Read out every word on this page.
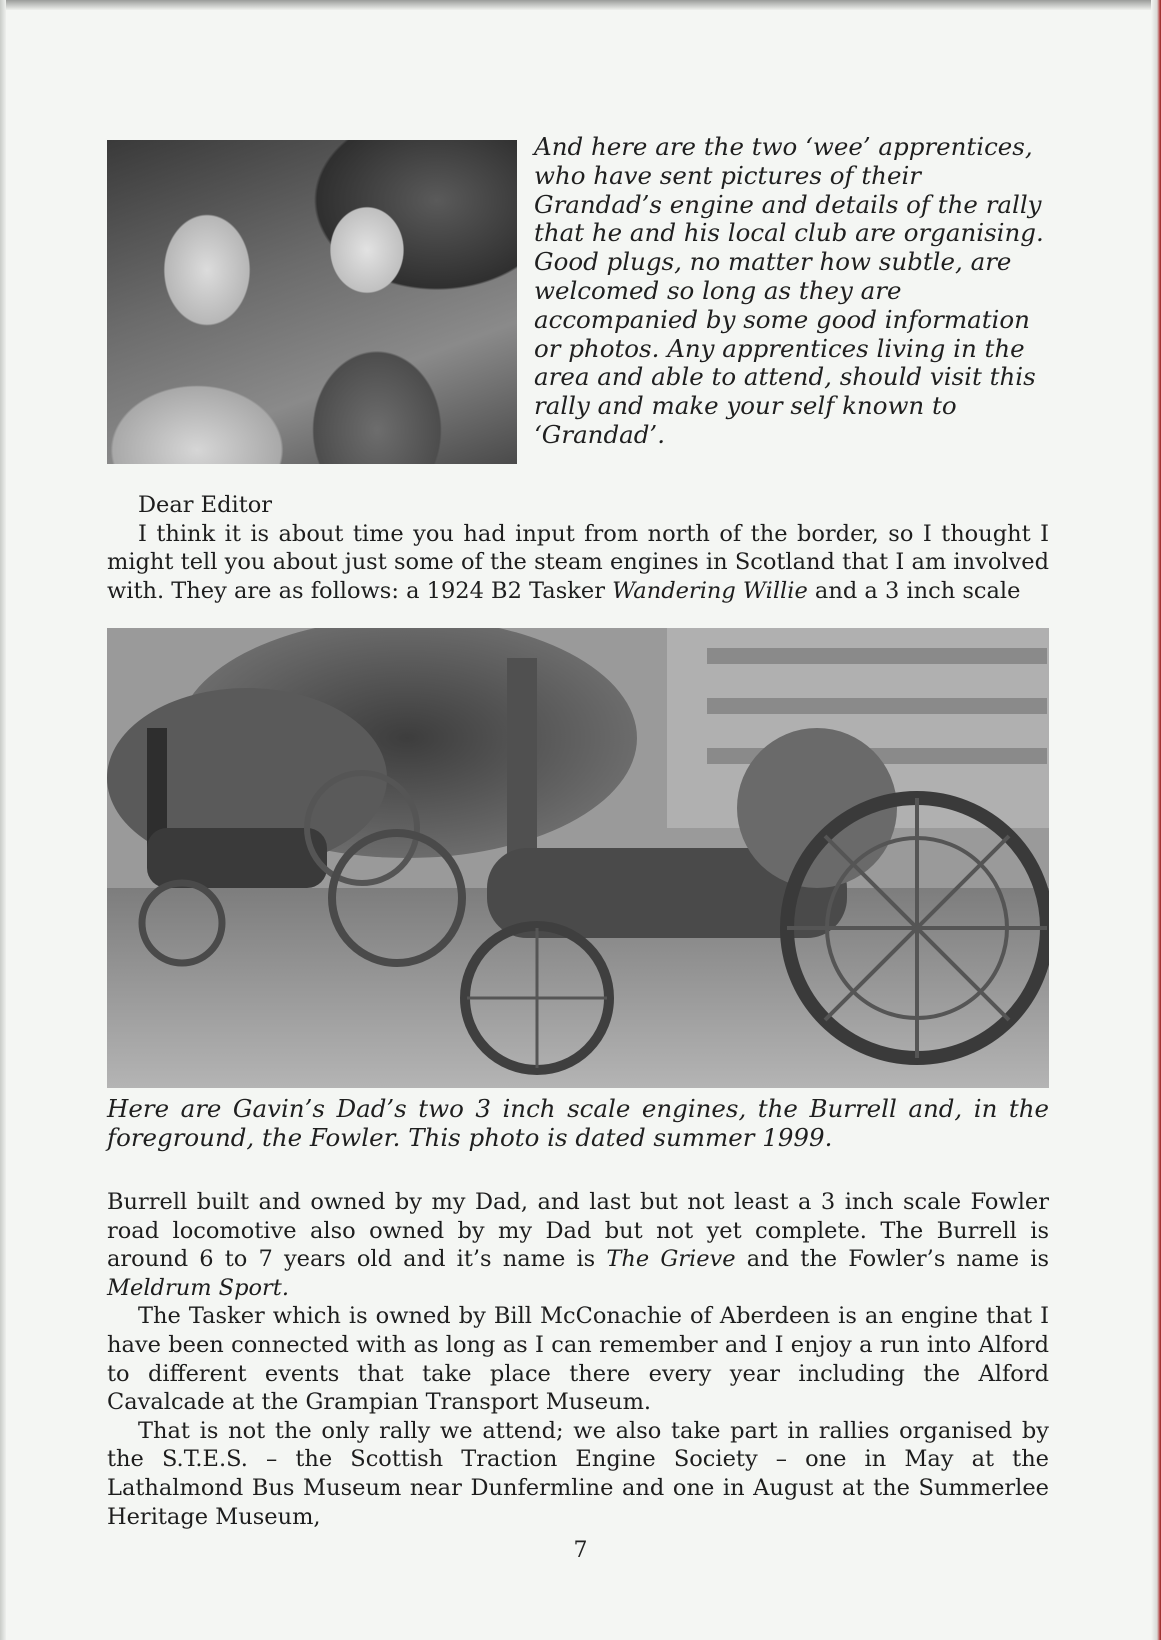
And here are the two ‘wee’ apprentices,
who have sent pictures of their
Grandad’s engine and details of the rally
that he and his local club are organising.
Good plugs, no matter how subtle, are
welcomed so long as they are
accompanied by some good information
or photos. Any apprentices living in the
area and able to attend, should visit this
rally and make your self known to
‘Grandad’.

Dear Editor

I think it is about time you had input from north of the border, so I thought I might tell you about just some of the steam engines in Scotland that I am involved with. They are as follows: a 1924 B2 Tasker Wandering Willie and a 3 inch scale

Here are Gavin’s Dad’s two 3 inch scale engines, the Burrell and, in the foreground, the Fowler. This photo is dated summer 1999.

Burrell built and owned by my Dad, and last but not least a 3 inch scale Fowler road locomotive also owned by my Dad but not yet complete. The Burrell is around 6 to 7 years old and it’s name is The Grieve and the Fowler’s name is Meldrum Sport.

The Tasker which is owned by Bill McConachie of Aberdeen is an engine that I have been connected with as long as I can remember and I enjoy a run into Alford to different events that take place there every year including the Alford Cavalcade at the Grampian Transport Museum.

That is not the only rally we attend; we also take part in rallies organised by the S.T.E.S. – the Scottish Traction Engine Society – one in May at the Lathalmond Bus Museum near Dunfermline and one in August at the Summerlee Heritage Museum,

7
